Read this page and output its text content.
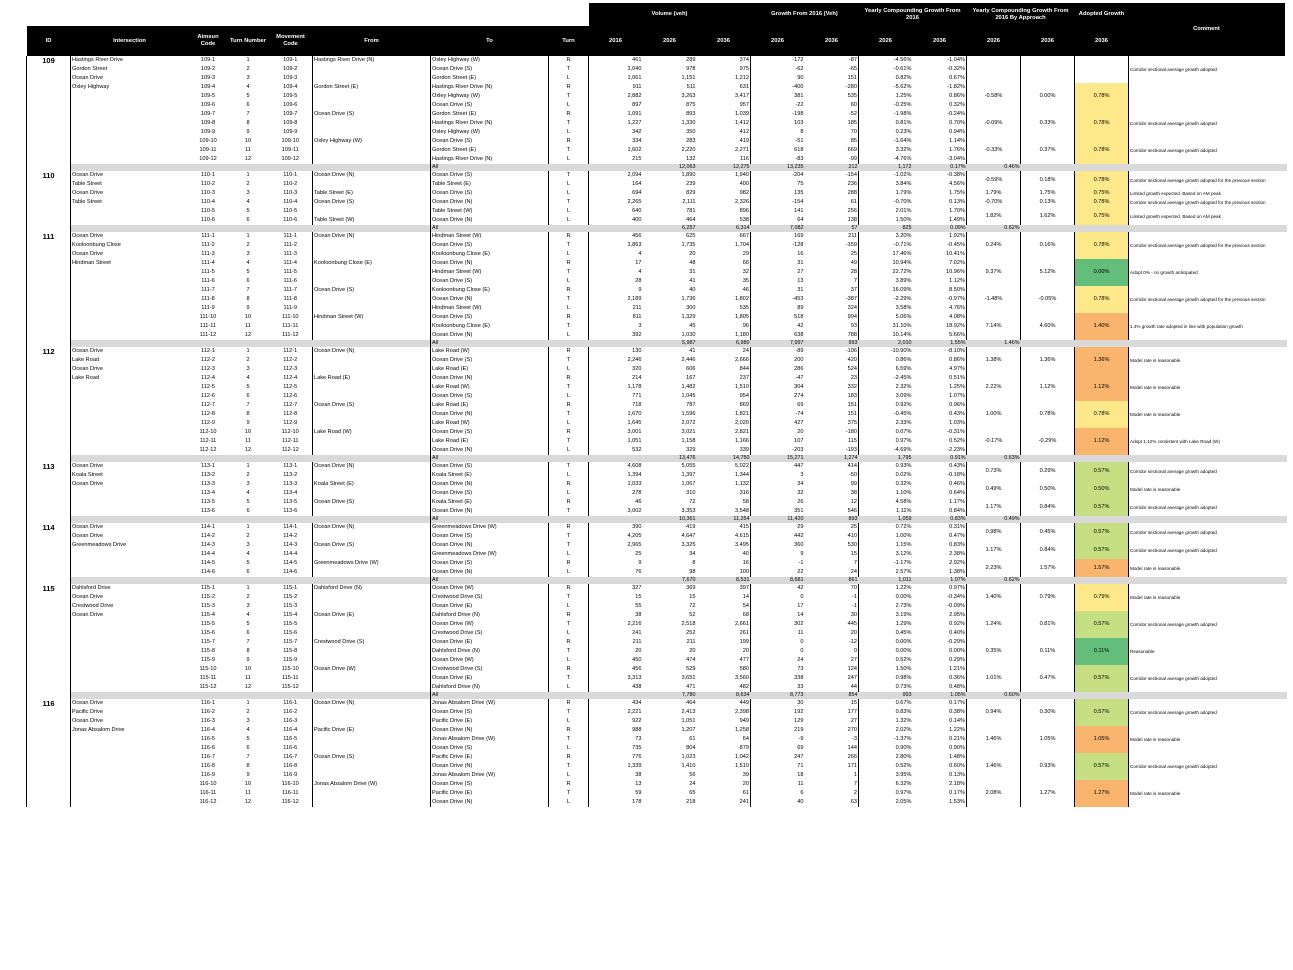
								Volume (veh)			Growth From 2016 (Veh)		Yearly Compounding Growth From 2016		Yearly Compounding Growth From 2016 By Approach		Adopted Growth	Comment	
ID	Intersection	Aimsun Code	Turn Number	Movement Code	From	To	Turn	2016	2026	2036	2026	2036	2026	2036	2026	2036	2036		
109	Hastings River Drive	109-1	1	109-1	Hastings River Drive (N)	Oxley Highway (W)	R	461	289	374	-172	-87	-4.56%	-1.04%				Corridor sectional average growth adopted	
	Gordon Street	109-2	2	109-2		Ocean Drive (S)	T	1,040	978	975	-62	-65	-0.61%	-0.32%					
	Ocean Drive	109-3	3	109-3		Gordon Street (E)	L	1,061	1,151	1,212	90	151	0.82%	0.67%					
	Oxley Highway	109-4	4	109-4	Gordon Street (E)	Hastings River Drive (N)	R	911	511	631	-400	-280	-5.62%	-1.82%	-0.58%	0.00%	0.78%		
		109-5	5	109-5		Oxley Highway (W)	T	2,882	3,263	3,417	381	535	1.25%	0.86%					
		109-6	6	109-6		Ocean Drive (S)	L	897	875	957	-22	60	-0.25%	0.32%					
		109-7	7	109-7	Ocean Drive (S)	Gordon Street (E)	R	1,091	893	1,039	-198	-52	-1.98%	-0.24%	-0.09%	0.33%	0.78%	Corridor sectional average growth adopted	
		109-8	8	109-8		Hastings River Drive (N)	T	1,227	1,330	1,412	103	185	0.81%	0.70%					
		109-9	9	109-9		Oxley Highway (W)	L	342	350	412	8	70	0.23%	0.94%					
		109-10	10	109-10	Oxley Highway (W)	Ocean Drive (S)	R	334	283	419	-51	85	-1.64%	1.14%	-0.33%	0.37%	0.78%	Corridor sectional average growth adopted	
		109-11	11	109-11		Gordon Street (E)	T	1,602	2,220	2,271	618	669	3.32%	1.76%					
		109-12	12	109-12		Hastings River Drive (N)	L	215	132	116	-83	-99	-4.76%	-3.04%					
						All			12,063	12,275	13,235	212	1,172	0.17%	0.46%				
110	Ocean Drive	110-1	1	110-1	Ocean Drive (N)	Ocean Drive (S)	T	2,094	1,890	1,940	-204	-154	-1.02%	-0.38%	-0.59%	0.18%	0.78%	Corridor sectional average growth adopted for the previous section	
	Table Street	110-2	2	110-2		Table Street (E)	L	164	239	400	75	236	3.84%	4.56%					
	Ocean Drive	110-3	3	110-3	Table Street (E)	Ocean Drive (S)	L	694	829	982	135	288	1.79%	1.75%	1.79%	1.75%	0.75%	Limited growth expected. Based on AM peak	
	Table Street	110-4	4	110-4	Ocean Drive (S)	Ocean Drive (N)	T	2,265	2,111	2,326	-154	61	-0.70%	0.13%	-0.70%	0.13%	0.78%	Corridor sectional average growth adopted for the previous section	
		110-5	5	110-5		Table Street (W)	L	640	781	896	141	256	2.01%	1.70%	1.82%	1.62%	0.75%	Limited growth expected. Based on AM peak	
		110-6	6	110-6	Table Street (W)	Ocean Drive (N)	L	400	464	538	64	138	1.50%	1.49%					
						All			6,257	6,314	7,082	57	825	0.09%	0.62%				
111	Ocean Drive	111-1	1	111-1	Ocean Drive (N)	Hindman Street (W)	R	456	625	667	169	211	3.20%	1.92%	0.24%	0.16%	0.78%	Corridor sectional average growth adopted for the previous section	
	Kooloonbung Close	111-2	2	111-2		Ocean Drive (S)	T	1,863	1,735	1,704	-128	-159	-0.71%	-0.45%					
	Ocean Drive	111-3	3	111-3		Kooloonbung Close (E)	L	4	20	29	16	25	17.46%	10.41%					
	Hindman Street	111-4	4	111-4	Kooloonbung Close (E)	Ocean Drive (N)	R	17	48	66	31	49	10.94%	7.02%	9.37%	5.12%	0.00%	Adopt 0% - no growth anticipated	
		111-5	5	111-5		Hindman Street (W)	T	4	31	32	27	28	22.72%	10.96%					
		111-6	6	111-6		Ocean Drive (S)	L	28	41	35	13	7	3.89%	1.12%					
		111-7	7	111-7	Ocean Drive (S)	Kooloonbung Close (E)	R	9	40	46	31	37	16.09%	8.50%	-1.48%	-0.05%	0.78%	Corridor sectional average growth adopted for the previous section	
		111-8	8	111-8		Ocean Drive (N)	T	2,189	1,736	1,802	-453	-387	-2.29%	-0.97%					
		111-9	9	111-9		Hindman Street (W)	L	211	300	535	89	324	3.58%	4.76%					
		111-10	10	111-10	Hindman Street (W)	Ocean Drive (S)	R	811	1,329	1,805	518	994	5.06%	4.08%	7.14%	4.60%	1.40%	1.4% growth rate adopted in line with population growth	
		111-11	11	111-11		Kooloonbung Close (E)	T	3	45	96	42	93	31.10%	18.92%					
		111-12	12	111-12		Ocean Drive (N)	L	392	1,030	1,180	638	788	10.14%	5.66%					
						All			5,987	6,980	7,997	993	2,010	1.55%	1.46%				
112	Ocean Drive	112-1	1	112-1	Ocean Drive (N)	Lake Road (W)	R	130	41	24	-89	-106	-10.90%	-8.10%	1.38%	1.36%	1.36%	Model rate is reasonable	
	Lake Road	112-2	2	112-2		Ocean Drive (S)	T	2,246	2,446	2,666	200	420	0.86%	0.86%					
	Ocean Drive	112-3	3	112-3		Lake Road (E)	L	320	606	844	286	524	6.59%	4.97%					
	Lake Road	112-4	4	112-4	Lake Road (E)	Ocean Drive (N)	R	214	167	237	-47	23	-2.45%	0.51%	2.22%	1.12%	1.12%	Model rate is reasonable	
		112-5	5	112-5		Lake Road (W)	T	1,178	1,482	1,510	304	332	2.32%	1.25%					
		112-6	6	112-6		Ocean Drive (S)	L	771	1,045	954	274	183	3.09%	1.07%					
		112-7	7	112-7	Ocean Drive (S)	Lake Road (E)	R	718	787	869	69	151	0.92%	0.96%	1.00%	0.78%	0.78%	Model rate is reasonable	
		112-8	8	112-8		Ocean Drive (N)	T	1,670	1,596	1,821	-74	151	-0.45%	0.43%					
		112-9	9	112-9		Lake Road (W)	L	1,645	2,072	2,020	427	375	2.33%	1.03%					
		112-10	10	112-10	Lake Road (W)	Ocean Drive (S)	R	3,001	3,021	2,821	20	-180	0.07%	-0.31%	-0.17%	-0.29%	1.12%	Adopt 1.12% consistent with Lake Road (W)	
		112-11	11	112-11		Lake Road (E)	T	1,051	1,158	1,166	107	115	0.97%	0.52%					
		112-12	12	112-12		Ocean Drive (N)	L	532	329	339	-203	-193	-4.69%	-2.23%					
						All			13,476	14,750	15,271	1,274	1,795	0.91%	0.63%				
113	Ocean Drive	113-1	1	113-1	Ocean Drive (N)	Ocean Drive (S)	T	4,608	5,055	5,022	447	414	0.93%	0.43%	0.73%	0.29%	0.57%	Corridor sectional average growth adopted	
	Koala Street	113-2	2	113-2		Koala Street (E)	L	1,394	1,397	1,344	3	-50	0.02%	-0.18%					
	Ocean Drive	113-3	3	113-3	Koala Street (E)	Ocean Drive (N)	R	1,033	1,067	1,132	34	99	0.32%	0.46%	0.49%	0.50%	0.50%	Model rate is reasonable	
		113-4	4	113-4		Ocean Drive (S)	L	278	310	316	32	38	1.10%	0.64%					
		113-5	5	113-5	Ocean Drive (S)	Koala Street (E)	R	46	72	58	26	12	4.58%	1.17%	1.17%	0.84%	0.57%	Corridor sectional average growth adopted	
		113-6	6	113-6		Ocean Drive (N)	T	3,002	3,353	3,548	351	546	1.11%	0.84%					
						All			10,361	11,254	11,420	893	1,059	0.83%	0.49%				
114	Ocean Drive	114-1	1	114-1	Ocean Drive (N)	Greenmeadows Drive (W)	R	390	419	415	29	25	0.72%	0.31%	0.98%	0.45%	0.57%	Corridor sectional average growth adopted	
	Ocean Drive	114-2	2	114-2		Ocean Drive (S)	T	4,205	4,647	4,615	442	410	1.00%	0.47%					
	Greenmeadows Drive	114-3	3	114-3	Ocean Drive (S)	Ocean Drive (N)	T	2,965	3,325	3,495	360	530	1.15%	0.83%	1.17%	0.84%	0.57%	Corridor sectional average growth adopted	
		114-4	4	114-4		Greenmeadows Drive (W)	L	25	34	40	9	15	3.12%	2.38%					
		114-5	5	114-5	Greenmeadows Drive (W)	Ocean Drive (S)	R	9	8	16	-1	7	-1.17%	2.92%	2.23%	1.57%	1.57%	Model rate is reasonable	
		114-6	6	114-6		Ocean Drive (N)	L	76	98	100	22	24	2.57%	1.38%					
						All			7,670	8,531	8,681	861	1,011	1.07%	0.62%				
115	Dahlsford Drive	115-1	1	115-1	Dahlsford Drive (N)	Ocean Drive (W)	R	327	369	397	42	70	1.22%	0.97%	1.40%	0.79%	0.79%	Model rate is reasonable	
	Ocean Drive	115-2	2	115-2		Crestwood Drive (S)	T	15	15	14	0	-1	0.00%	-0.34%					
	Crestwood Drive	115-3	3	115-3		Ocean Drive (E)	L	55	72	54	17	-1	2.73%	-0.09%					
	Ocean Drive	115-4	4	115-4	Ocean Drive (E)	Dahlsford Drive (N)	R	38	52	68	14	30	3.19%	2.95%	1.24%	0.81%	0.57%	Corridor sectional average growth adopted	
		115-5	5	115-5		Ocean Drive (W)	T	2,216	2,518	2,661	302	445	1.29%	0.92%					
		115-6	6	115-6		Crestwood Drive (S)	L	241	252	261	11	20	0.45%	0.40%					
		115-7	7	115-7	Crestwood Drive (S)	Ocean Drive (E)	R	211	211	199	0	-12	0.00%	-0.29%	0.35%	0.11%	0.11%	Reasonable	
		115-8	8	115-8		Dahlsford Drive (N)	T	20	20	20	0	0	0.00%	0.00%					
		115-9	9	115-9		Ocean Drive (W)	L	450	474	477	24	27	0.52%	0.29%					
		115-10	10	115-10	Ocean Drive (W)	Crestwood Drive (S)	R	456	529	580	73	124	1.50%	1.21%	1.01%	0.47%	0.57%	Corridor sectional average growth adopted	
		115-11	11	115-11		Ocean Drive (E)	T	3,313	3,651	3,560	338	247	0.98%	0.36%					
		115-12	12	115-12		Dahlsford Drive (N)	L	438	471	482	33	44	0.73%	0.48%					
						All			7,780	8,634	8,773	854	993	1.05%	0.60%				
116	Ocean Drive	116-1	1	116-1	Ocean Drive (N)	Jonas Absalom Drive (W)	R	434	464	449	30	15	0.67%	0.17%	0.94%	0.30%	0.57%	Corridor sectional average growth adopted	
	Pacific Drive	116-2	2	116-2		Ocean Drive (S)	T	2,221	2,413	2,398	192	177	0.83%	0.38%					
	Ocean Drive	116-3	3	116-3		Pacific Drive (E)	L	922	1,051	949	129	27	1.32%	0.14%					
	Jonas Absalom Drive	116-4	4	116-4	Pacific Drive (E)	Ocean Drive (N)	R	988	1,207	1,258	219	270	2.02%	1.22%	1.46%	1.05%	1.05%	Model rate is reasonable	
		116-5	5	116-5		Jonas Absalom Drive (W)	T	73	61	64	-9	-3	-1.37%	0.21%					
		116-6	6	116-6		Ocean Drive (S)	L	735	804	879	69	144	0.90%	0.90%					
		116-7	7	116-7	Ocean Drive (S)	Pacific Drive (E)	R	776	1,023	1,042	247	266	2.80%	1.48%	1.46%	0.93%	0.57%	Corridor sectional average growth adopted	
		116-8	8	116-8		Ocean Drive (N)	T	1,339	1,410	1,510	71	171	0.52%	0.60%					
		116-9	9	116-9		Jonas Absalom Drive (W)	L	38	56	39	18	1	3.95%	0.13%					
		116-10	10	116-10	Jonas Absalom Drive (W)	Ocean Drive (S)	R	13	24	20	11	7	6.32%	2.18%	2.08%	1.27%	1.27%	Model rate is reasonable	
		116-11	11	116-11		Pacific Drive (E)	T	59	65	61	6	2	0.97%	0.17%					
		116-12	12	116-12		Ocean Drive (N)	L	178	218	241	40	63	2.05%	1.53%					
